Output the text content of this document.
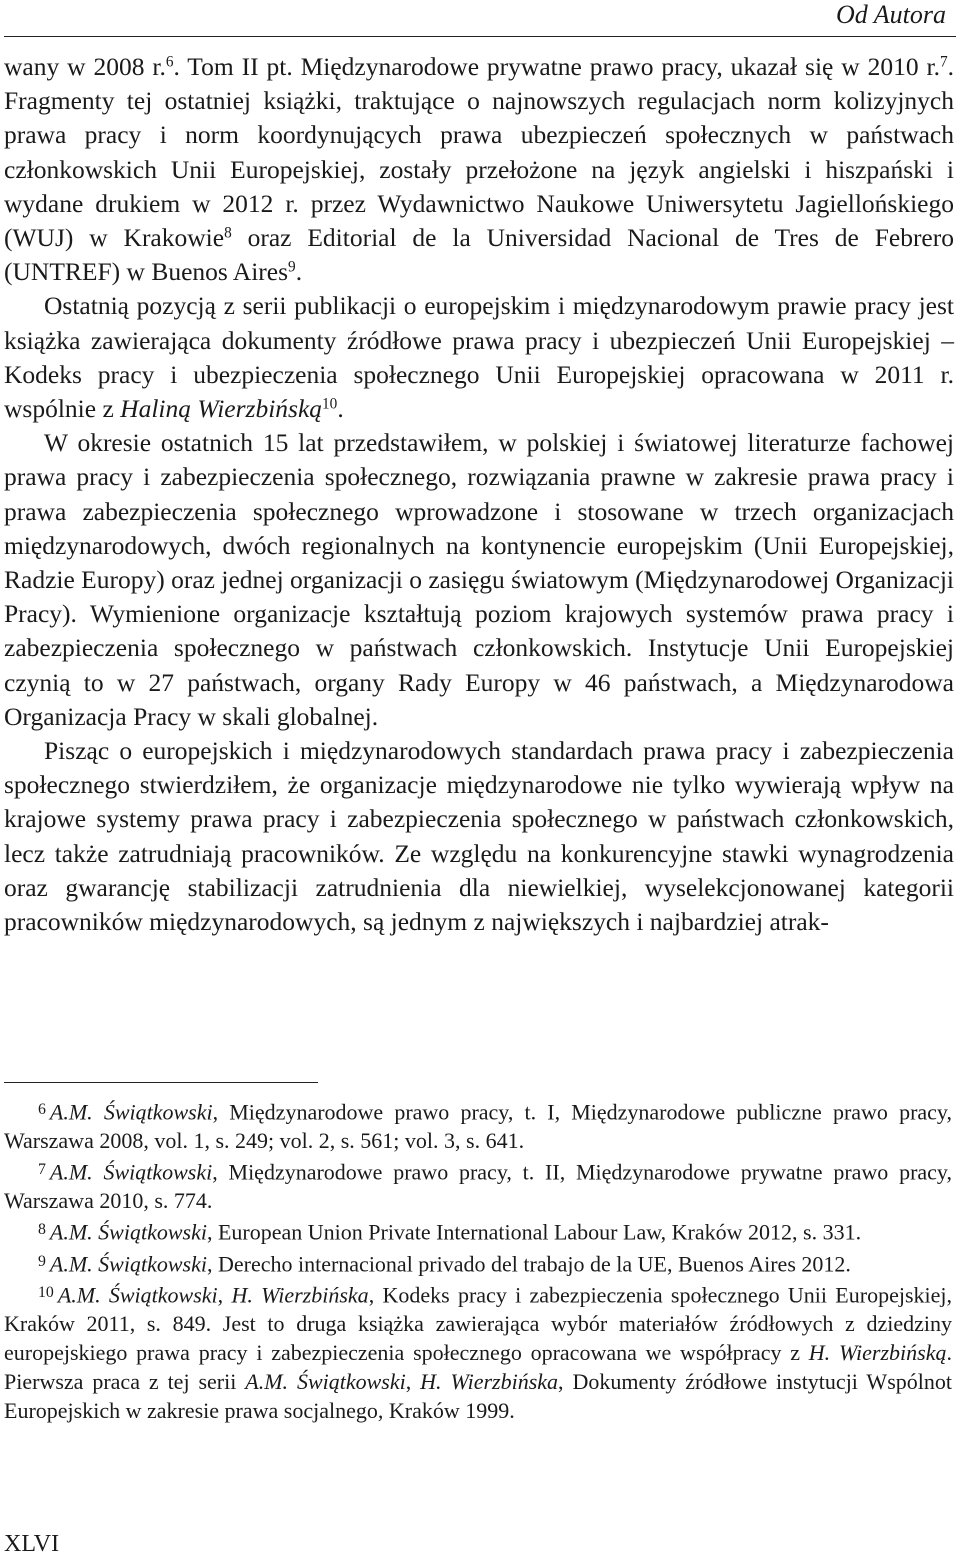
Od Autora

wany w 2008 r.$^6$. Tom II pt. Międzynarodowe prywatne prawo pracy, ukazał się w 2010 r.$^7$. Fragmenty tej ostatniej książki, traktujące o najnowszych regulacjach norm kolizyjnych prawa pracy i norm koordynujących prawa ubezpieczeń społecznych w państwach członkowskich Unii Europejskiej, zostały przełożone na język angielski i hiszpański i wydane drukiem w 2012 r. przez Wydawnictwo Naukowe Uniwersytetu Jagiellońskiego (WUJ) w Krakowie$^8$ oraz Editorial de la Universidad Nacional de Tres de Febrero (UNTREF) w Buenos Aires$^9$.

Ostatnią pozycją z serii publikacji o europejskim i międzynarodowym prawie pracy jest książka zawierająca dokumenty źródłowe prawa pracy i ubezpieczeń Unii Europejskiej – Kodeks pracy i ubezpieczenia społecznego Unii Europejskiej opracowana w 2011 r. wspólnie z Haliną Wierzbińską$^{10}$.

W okresie ostatnich 15 lat przedstawiłem, w polskiej i światowej literaturze fachowej prawa pracy i zabezpieczenia społecznego, rozwiązania prawne w zakresie prawa pracy i prawa zabezpieczenia społecznego wprowadzone i stosowane w trzech organizacjach międzynarodowych, dwóch regionalnych na kontynencie europejskim (Unii Europejskiej, Radzie Europy) oraz jednej organizacji o zasięgu światowym (Międzynarodowej Organizacji Pracy). Wymienione organizacje kształtują poziom krajowych systemów prawa pracy i zabezpieczenia społecznego w państwach członkowskich. Instytucje Unii Europejskiej czynią to w 27 państwach, organy Rady Europy w 46 państwach, a Międzynarodowa Organizacja Pracy w skali globalnej.

Pisząc o europejskich i międzynarodowych standardach prawa pracy i zabezpieczenia społecznego stwierdziłem, że organizacje międzynarodowe nie tylko wywierają wpływ na krajowe systemy prawa pracy i zabezpieczenia społecznego w państwach członkowskich, lecz także zatrudniają pracowników. Ze względu na konkurencyjne stawki wynagrodzenia oraz gwarancję stabilizacji zatrudnienia dla niewielkiej, wyselekcjonowanej kategorii pracowników międzynarodowych, są jednym z największych i najbardziej atrak-

$^6$ A.M. Świątkowski, Międzynarodowe prawo pracy, t. I, Międzynarodowe publiczne prawo pracy, Warszawa 2008, vol. 1, s. 249; vol. 2, s. 561; vol. 3, s. 641.

$^7$ A.M. Świątkowski, Międzynarodowe prawo pracy, t. II, Międzynarodowe prywatne prawo pracy, Warszawa 2010, s. 774.

$^8$ A.M. Świątkowski, European Union Private International Labour Law, Kraków 2012, s. 331.

$^9$ A.M. Świątkowski, Derecho internacional privado del trabajo de la UE, Buenos Aires 2012.

$^{10}$ A.M. Świątkowski, H. Wierzbińska, Kodeks pracy i zabezpieczenia społecznego Unii Europejskiej, Kraków 2011, s. 849. Jest to druga książka zawierająca wybór materiałów źródłowych z dziedziny europejskiego prawa pracy i zabezpieczenia społecznego opracowana we współpracy z H. Wierzbińską. Pierwsza praca z tej serii A.M. Świątkowski, H. Wierzbińska, Dokumenty źródłowe instytucji Wspólnot Europejskich w zakresie prawa socjalnego, Kraków 1999.

XLVI
